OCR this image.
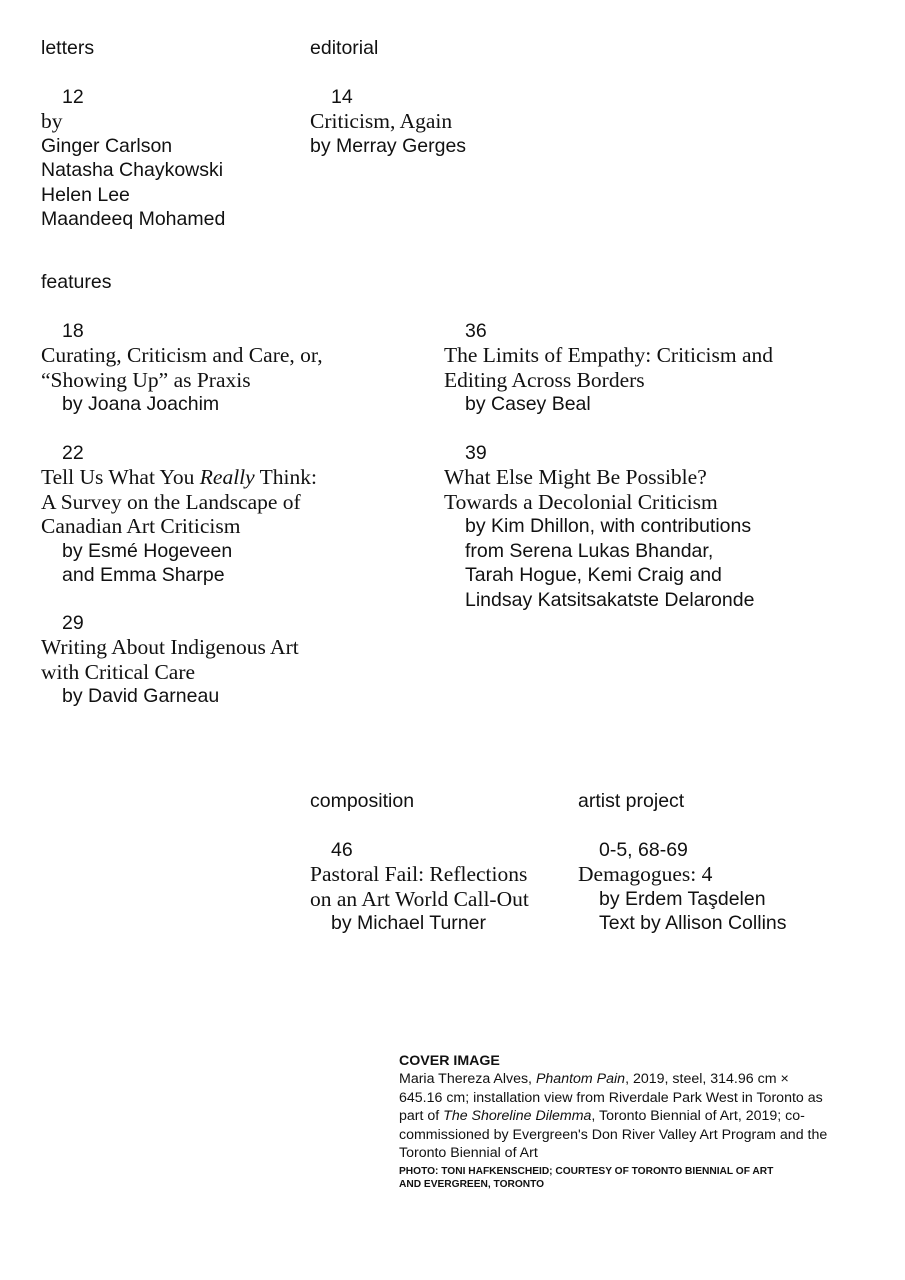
letters
12
by
Ginger Carlson
Natasha Chaykowski
Helen Lee
Maandeeq Mohamed
editorial
14
Criticism, Again
by Merray Gerges
features
18
Curating, Criticism and Care, or,
“Showing Up” as Praxis
by Joana Joachim
22
Tell Us What You Really Think:
A Survey on the Landscape of
Canadian Art Criticism
by Esmé Hogeveen
and Emma Sharpe
29
Writing About Indigenous Art
with Critical Care
by David Garneau
36
The Limits of Empathy: Criticism and
Editing Across Borders
by Casey Beal
39
What Else Might Be Possible?
Towards a Decolonial Criticism
by Kim Dhillon, with contributions
from Serena Lukas Bhandar,
Tarah Hogue, Kemi Craig and
Lindsay Katsitsakatste Delaronde
composition
46
Pastoral Fail: Reflections
on an Art World Call-Out
by Michael Turner
artist project
0-5, 68-69
Demagogues: 4
by Erdem Taşdelen
Text by Allison Collins
COVER IMAGE
Maria Thereza Alves, Phantom Pain, 2019, steel, 314.96 cm × 645.16 cm; installation view from Riverdale Park West in Toronto as part of The Shoreline Dilemma, Toronto Biennial of Art, 2019; co-commissioned by Evergreen's Don River Valley Art Program and the Toronto Biennial of Art
PHOTO: TONI HAFKENSCHEID; COURTESY OF TORONTO BIENNIAL OF ART
AND EVERGREEN, TORONTO
